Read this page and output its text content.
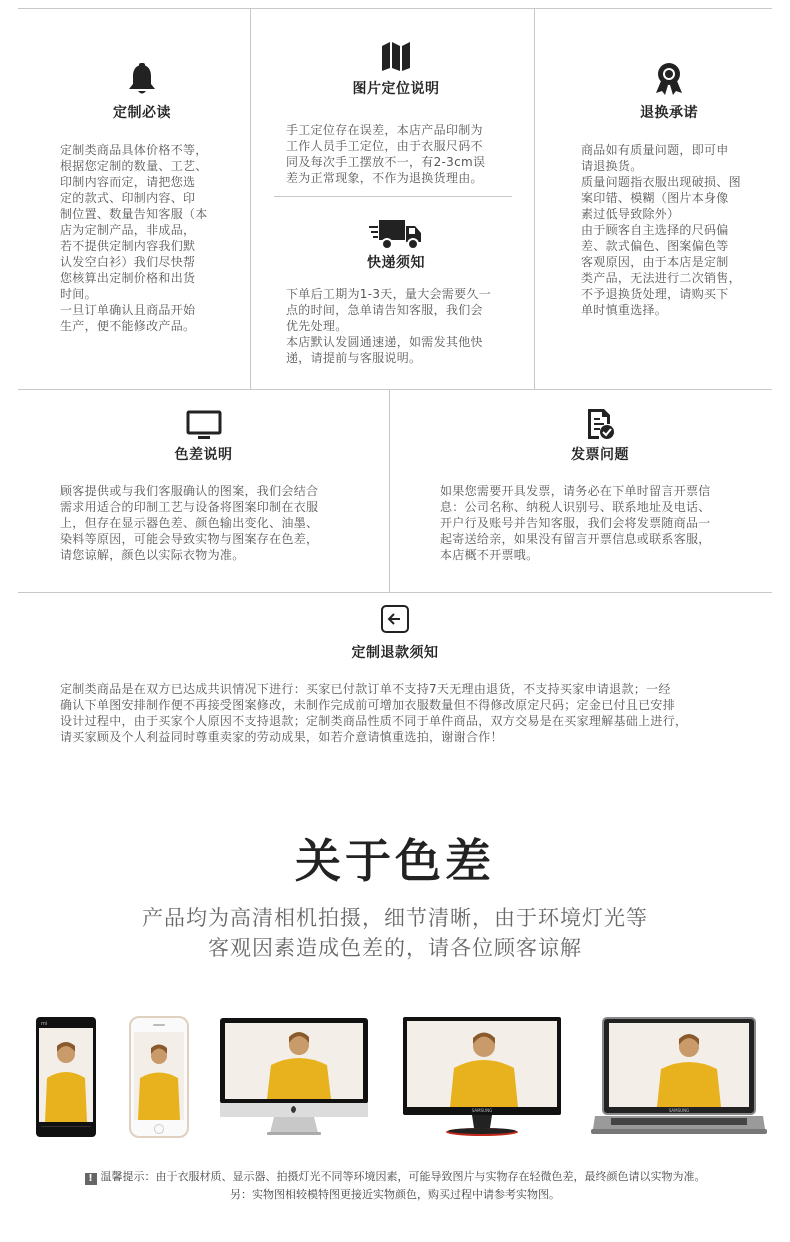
定制必读
定制类商品具体价格不等，
根据您定制的数量、工艺、
印制内容而定，请把您选
定的款式、印制内容、印
制位置、数量告知客服（本
店为定制产品，非成品，
若不提供定制内容我们默
认发空白衫）我们尽快帮
您核算出定制价格和出货
时间。
一旦订单确认且商品开始
生产，便不能修改产品。
图片定位说明
手工定位存在误差，本店产品印制为
工作人员手工定位，由于衣服尺码不
同及每次手工摆放不一，有2-3cm误
差为正常现象，不作为退换货理由。
快递须知
下单后工期为1-3天，量大会需要久一
点的时间，急单请告知客服，我们会
优先处理。
本店默认发圆通速递，如需发其他快
递，请提前与客服说明。
退换承诺
商品如有质量问题，即可申
请退换货。
质量问题指衣服出现破损、图
案印错、模糊（图片本身像
素过低导致除外）
由于顾客自主选择的尺码偏
差、款式偏色、图案偏色等
客观原因，由于本店是定制
类产品，无法进行二次销售，
不予退换货处理，请购买下
单时慎重选择。
色差说明
顾客提供或与我们客服确认的图案，我们会结合
需求用适合的印制工艺与设备将图案印制在衣服
上，但存在显示器色差、颜色输出变化、油墨、
染料等原因，可能会导致实物与图案存在色差，
请您谅解，颜色以实际衣物为准。
发票问题
如果您需要开具发票，请务必在下单时留言开票信
息：公司名称、纳税人识别号、联系地址及电话、
开户行及账号并告知客服，我们会将发票随商品一
起寄送给亲，如果没有留言开票信息或联系客服，
本店概不开票哦。
定制退款须知
定制类商品是在双方已达成共识情况下进行：买家已付款订单不支持7天无理由退货，不支持买家申请退款；一经
确认下单图安排制作便不再接受图案修改，未制作完成前可增加衣服数量但不得修改原定尺码；定金已付且已安排
设计过程中，由于买家个人原因不支持退款；定制类商品性质不同于单件商品，双方交易是在买家理解基础上进行，
请买家顾及个人利益同时尊重卖家的劳动成果，如若介意请慎重选拍，谢谢合作！
关于色差
产品均为高清相机拍摄，细节清晰，由于环境灯光等
客观因素造成色差的，请各位顾客谅解
mi
SAMSUNG	SAMSUNG
! 温馨提示：由于衣服材质、显示器、拍摄灯光不同等环境因素，可能导致图片与实物存在轻微色差，最终颜色请以实物为准。
另：实物图相较模特图更接近实物颜色，购买过程中请参考实物图。
